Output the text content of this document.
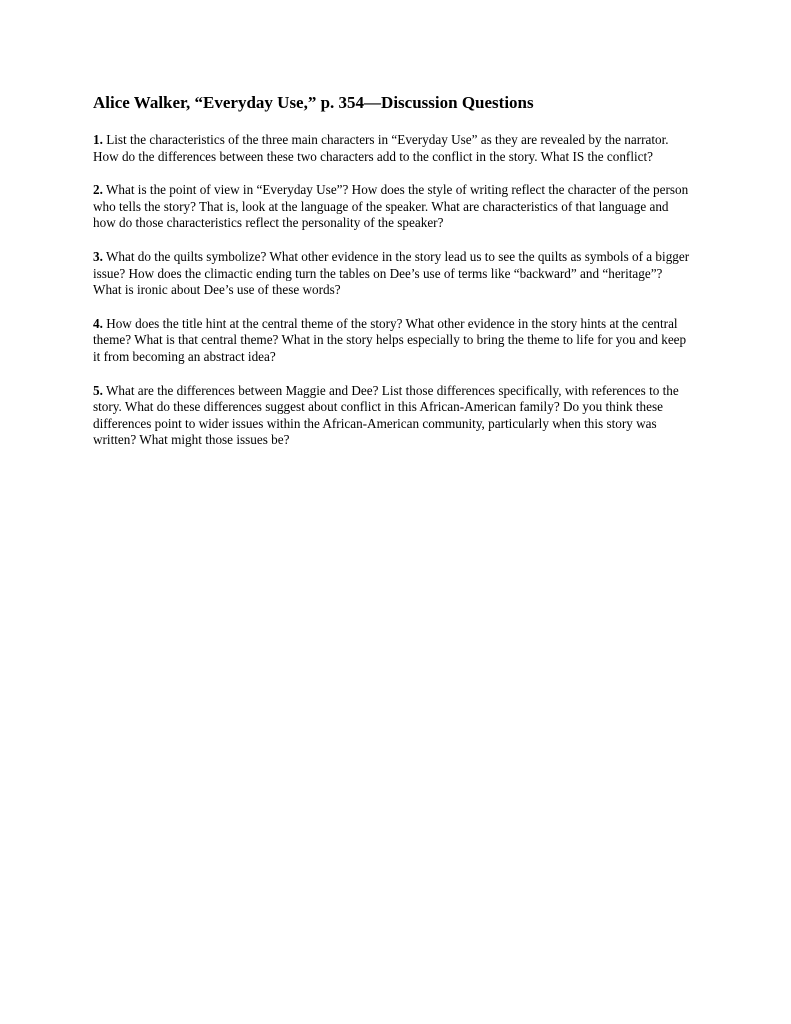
Alice Walker, “Everyday Use,” p. 354—Discussion Questions

1. List the characteristics of the three main characters in “Everyday Use” as they are revealed by the narrator. How do the differences between these two characters add to the conflict in the story. What IS the conflict?

2. What is the point of view in “Everyday Use”? How does the style of writing reflect the character of the person who tells the story? That is, look at the language of the speaker. What are characteristics of that language and how do those characteristics reflect the personality of the speaker?

3. What do the quilts symbolize? What other evidence in the story lead us to see the quilts as symbols of a bigger issue? How does the climactic ending turn the tables on Dee’s use of terms like “backward” and “heritage”? What is ironic about Dee’s use of these words?

4. How does the title hint at the central theme of the story? What other evidence in the story hints at the central theme? What is that central theme? What in the story helps especially to bring the theme to life for you and keep it from becoming an abstract idea?

5. What are the differences between Maggie and Dee? List those differences specifically, with references to the story. What do these differences suggest about conflict in this African-American family? Do you think these differences point to wider issues within the African-American community, particularly when this story was written? What might those issues be?
